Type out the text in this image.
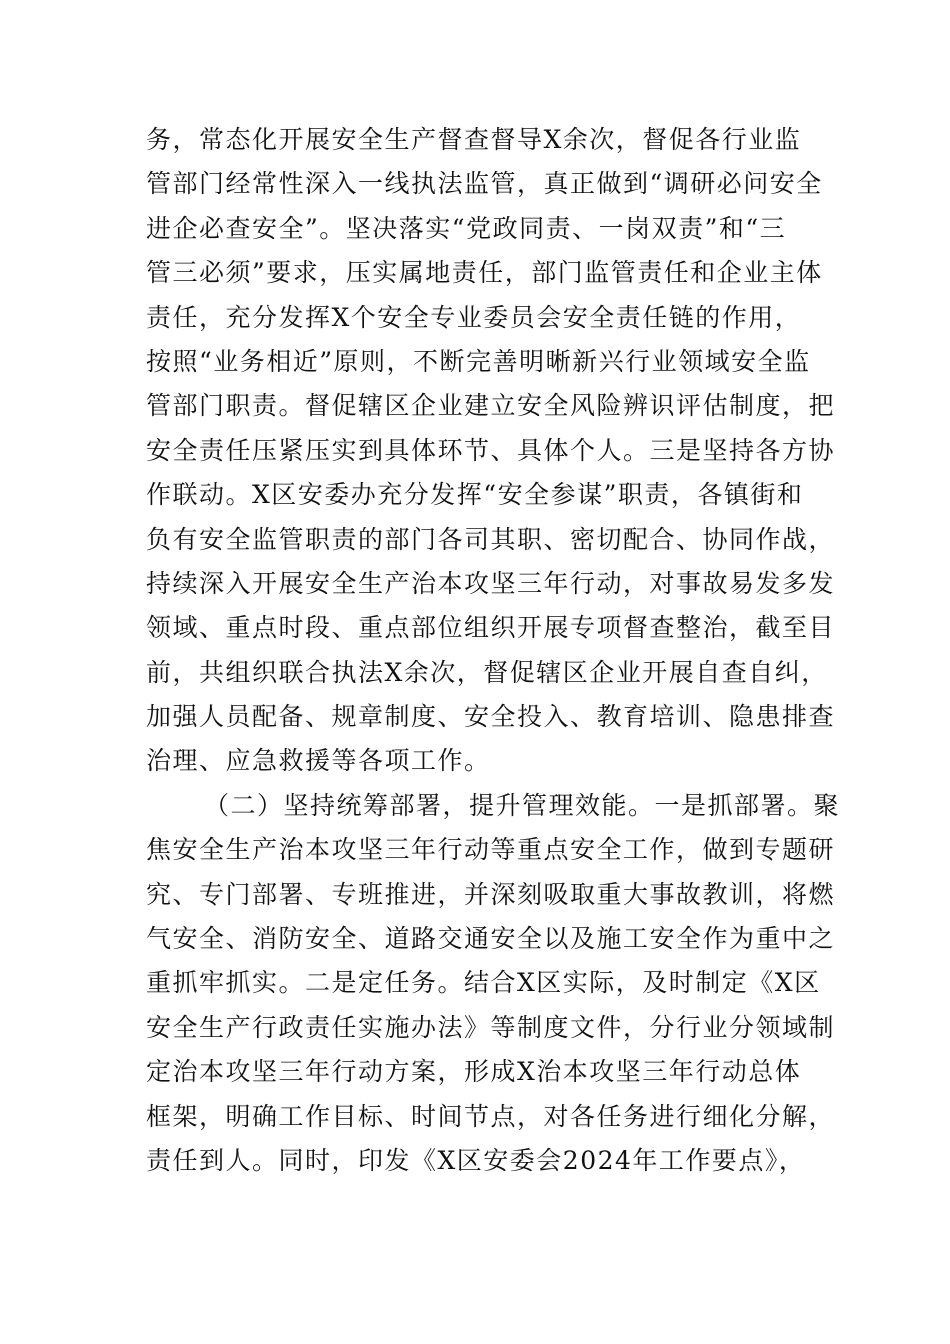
务，常态化开展安全生产督查督导X余次，督促各行业监
管部门经常性深入一线执法监管，真正做到“调研必问安全
进企必查安全”。坚决落实“党政同责、一岗双责”和“三
管三必须”要求，压实属地责任，部门监管责任和企业主体
责任，充分发挥X个安全专业委员会安全责任链的作用，
按照“业务相近”原则，不断完善明晰新兴行业领域安全监
管部门职责。督促辖区企业建立安全风险辨识评估制度，把
安全责任压紧压实到具体环节、具体个人。三是坚持各方协
作联动。X区安委办充分发挥“安全参谋”职责，各镇街和
负有安全监管职责的部门各司其职、密切配合、协同作战，
持续深入开展安全生产治本攻坚三年行动，对事故易发多发
领域、重点时段、重点部位组织开展专项督查整治，截至目
前，共组织联合执法X余次，督促辖区企业开展自查自纠，
加强人员配备、规章制度、安全投入、教育培训、隐患排查
治理、应急救援等各项工作。
（二）坚持统筹部署，提升管理效能。一是抓部署。聚
焦安全生产治本攻坚三年行动等重点安全工作，做到专题研
究、专门部署、专班推进，并深刻吸取重大事故教训，将燃
气安全、消防安全、道路交通安全以及施工安全作为重中之
重抓牢抓实。二是定任务。结合X区实际，及时制定《X区
安全生产行政责任实施办法》等制度文件，分行业分领域制
定治本攻坚三年行动方案，形成X治本攻坚三年行动总体
框架，明确工作目标、时间节点，对各任务进行细化分解，
责任到人。同时，印发《X区安委会2024年工作要点》，
